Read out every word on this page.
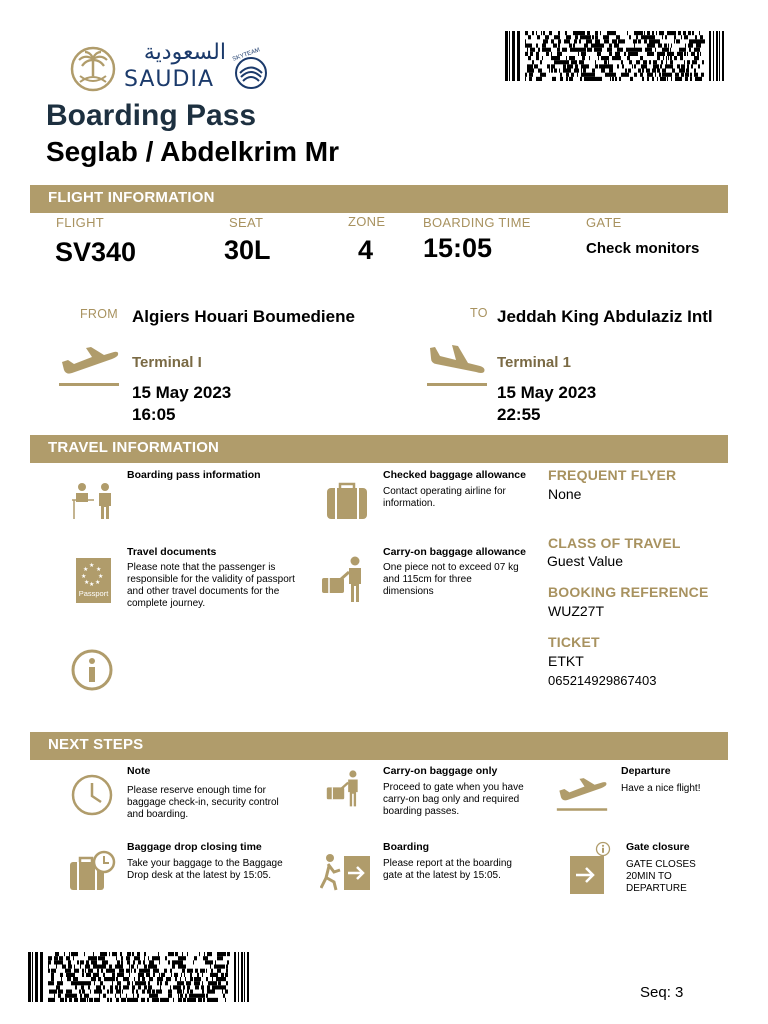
السعودية
SAUDIA
SKYTEAM
Boarding Pass
Seglab / Abdelkrim Mr
FLIGHT INFORMATION
FLIGHT
SV340
SEAT
30L
ZONE
4
BOARDING TIME
15:05
GATE
Check monitors
FROM Algiers Houari Boumediene
Terminal I
15 May 2023
16:05
TO Jeddah King Abdulaziz Intl
Terminal 1
15 May 2023
22:55
TRAVEL INFORMATION
Boarding pass information	Checked baggage allowance
Contact operating airline for information.
★
★ ★
★ ★
★ ★
★
Passport
Travel documents
Please note that the passenger is responsible for the validity of passport and other travel documents for the complete journey.
Carry-on baggage allowance
One piece not to exceed 07 kg and 115cm for three dimensions
FREQUENT FLYER
None
CLASS OF TRAVEL
Guest Value
BOOKING REFERENCE
WUZ27T
TICKET
ETKT
065214929867403
NEXT STEPS
Note
Please reserve enough time for baggage check-in, security control and boarding.
Carry-on baggage only
Proceed to gate when you have carry-on bag only and required boarding passes.
Departure
Have a nice flight!
Baggage drop closing time
Take your baggage to the Baggage Drop desk at the latest by 15:05.
Boarding
Please report at the boarding gate at the latest by 15:05.
Gate closure
GATE CLOSES 20MIN TO DEPARTURE
Seq: 3
